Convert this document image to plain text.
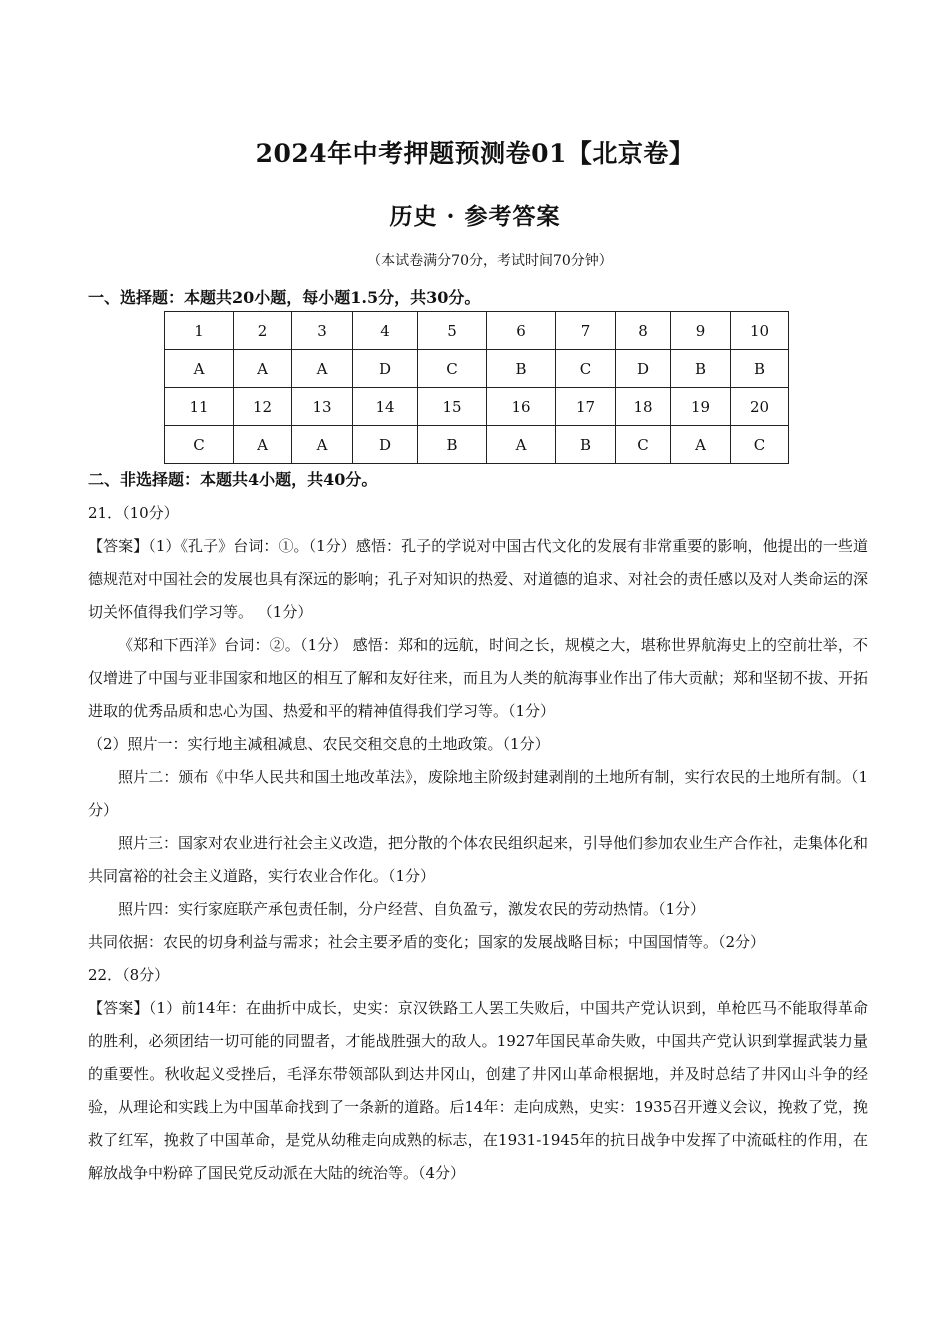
2024年中考押题预测卷01【北京卷】
历史 · 参考答案
（本试卷满分70分，考试时间70分钟）
一、选择题：本题共20小题，每小题1.5分，共30分。
1	2	3	4	5	6	7	8	9	10
A	A	A	D	C	B	C	D	B	B
11	12	13	14	15	16	17	18	19	20
C	A	A	D	B	A	B	C	A	C
二、非选择题：本题共4小题，共40分。

21．（10分）

【答案】（1）《孔子》台词：①。（1分）感悟：孔子的学说对中国古代文化的发展有非常重要的影响，他提出的一些道德规范对中国社会的发展也具有深远的影响；孔子对知识的热爱、对道德的追求、对社会的责任感以及对人类命运的深切关怀值得我们学习等。 （1分）

《郑和下西洋》台词：②。（1分） 感悟：郑和的远航，时间之长，规模之大，堪称世界航海史上的空前壮举，不仅增进了中国与亚非国家和地区的相互了解和友好往来，而且为人类的航海事业作出了伟大贡献；郑和坚韧不拔、开拓进取的优秀品质和忠心为国、热爱和平的精神值得我们学习等。（1分）

（2）照片一：实行地主减租减息、农民交租交息的土地政策。（1分）

照片二：颁布《中华人民共和国土地改革法》，废除地主阶级封建剥削的土地所有制，实行农民的土地所有制。（1分）

照片三：国家对农业进行社会主义改造，把分散的个体农民组织起来，引导他们参加农业生产合作社，走集体化和共同富裕的社会主义道路，实行农业合作化。（1分）

照片四：实行家庭联产承包责任制，分户经营、自负盈亏，激发农民的劳动热情。（1分）

共同依据：农民的切身利益与需求；社会主要矛盾的变化；国家的发展战略目标；中国国情等。（2分）

22．（8分）

【答案】（1）前14年：在曲折中成长，史实：京汉铁路工人罢工失败后，中国共产党认识到，单枪匹马不能取得革命的胜利，必须团结一切可能的同盟者，才能战胜强大的敌人。1927年国民革命失败，中国共产党认识到掌握武装力量的重要性。秋收起义受挫后，毛泽东带领部队到达井冈山，创建了井冈山革命根据地，并及时总结了井冈山斗争的经验，从理论和实践上为中国革命找到了一条新的道路。后14年：走向成熟，史实：1935召开遵义会议，挽救了党，挽救了红军，挽救了中国革命，是党从幼稚走向成熟的标志，在1931-1945年的抗日战争中发挥了中流砥柱的作用，在解放战争中粉碎了国民党反动派在大陆的统治等。（4分）
